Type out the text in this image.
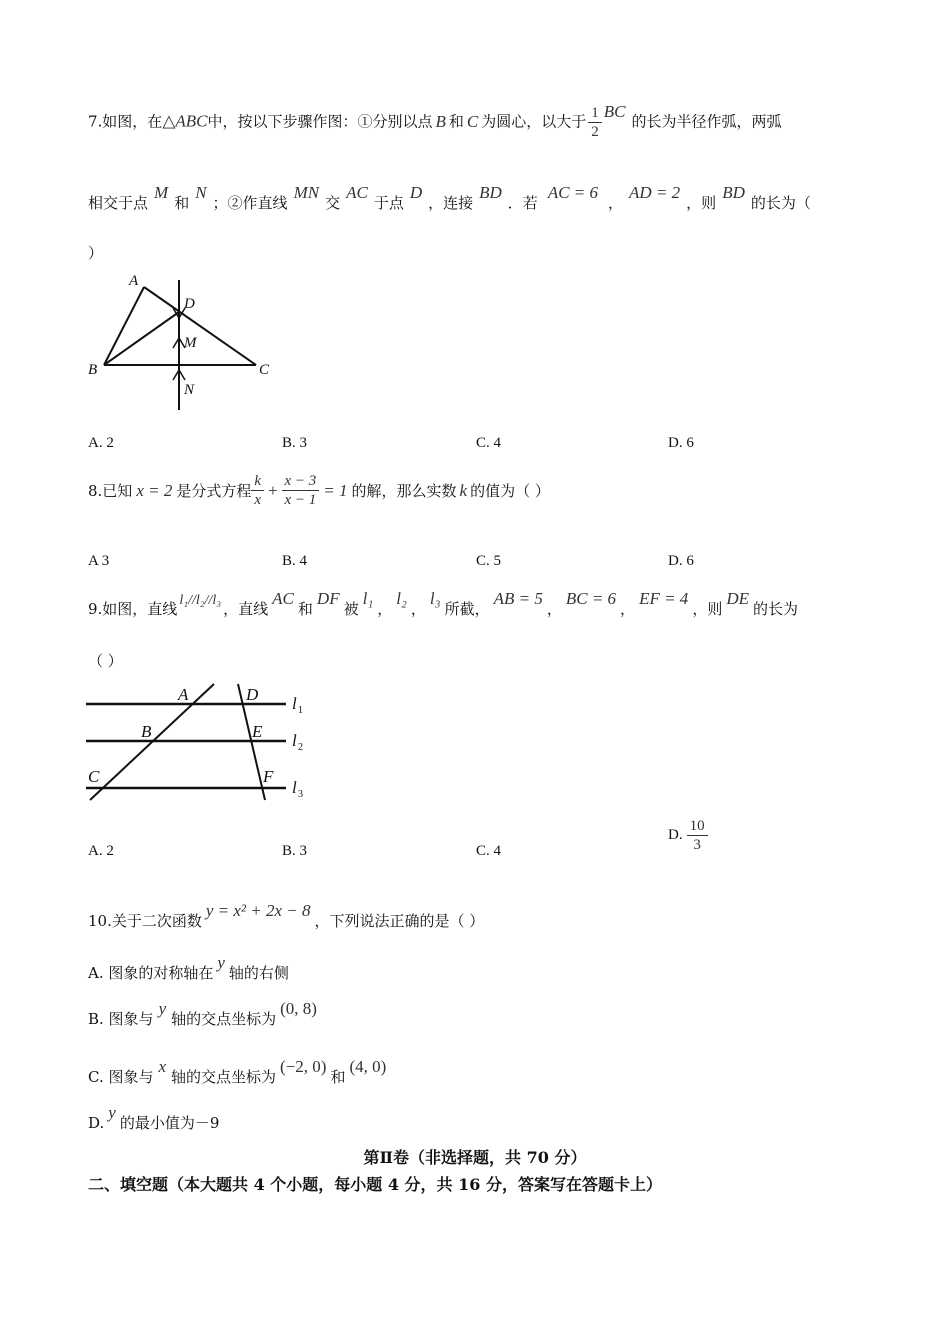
7.如图，在△ABC中，按以下步骤作图：①分别以点 B 和 C 为圆心，以大于 $\frac{1}{2}$ BC的长为半径作弧，两弧
相交于点M和N；②作直线MN交AC于点D，连接BD．若AC = 6，AD = 2，则BD的长为（
）
A
B	C
D
M
N
A. 2	B. 3	C. 4	D. 6
8.已知 x = 2 是分式方程 $\frac{k}{x} + \frac{x - 3}{x - 1} = 1$ 的解，那么实数 k 的值为（ ）
A 3	B. 4	C. 5	D. 6
9.如图，直线 l₁//l₂//l₃ ，直线AC和DF被l₁，l₂，l₃所截，AB = 5，BC = 6，EF = 4，则DE的长为
（ ）
A
B
C
D
E
F
l 1
l 2
l 3
A. 2	B. 3	C. 4
D. $\frac{10}{3}$
10.关于二次函数y = x² + 2x − 8，下列说法正确的是（ ）
A. 图象的对称轴在y轴的右侧
B. 图象与y轴的交点坐标为(0, 8)
C. 图象与x轴的交点坐标为(−2, 0)和(4, 0)
D.y的最小值为－9
第Ⅱ卷（非选择题，共 70 分）
二、填空题（本大题共 4 个小题，每小题 4 分，共 16 分，答案写在答题卡上）
